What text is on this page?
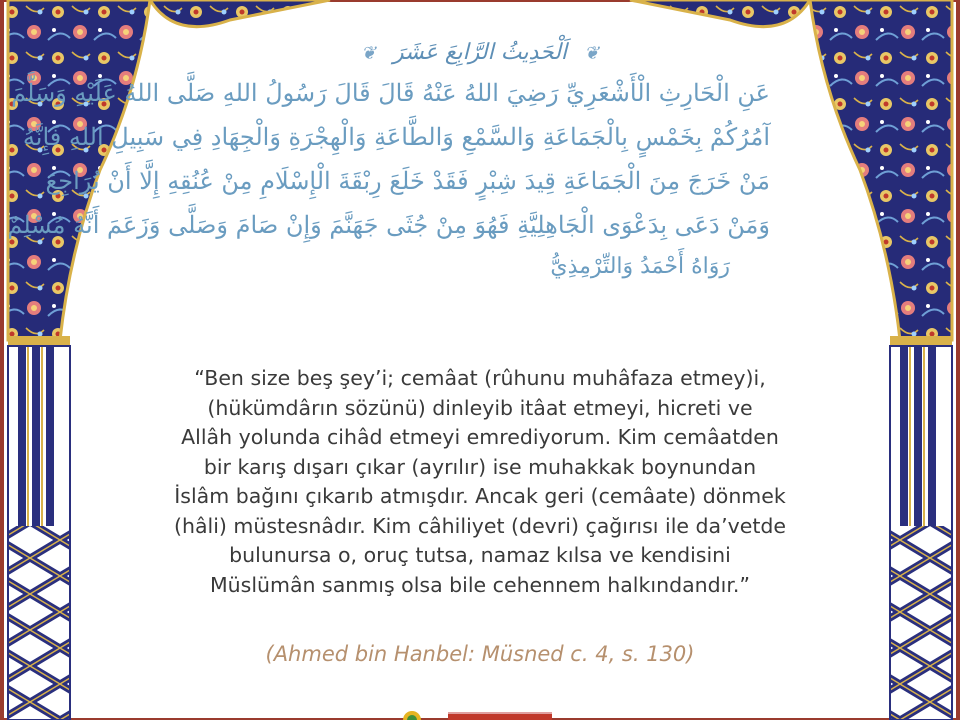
❦ اَلْحَدِيثُ الرَّابِعَ عَشَرَ ❦
عَنِ الْحَارِثِ الْأَشْعَرِيِّ رَضِيَ اللهُ عَنْهُ قَالَ قَالَ رَسُولُ اللهِ صَلَّى اللهُ عَلَيْهِ وَسَلَّمَ
آمُرُكُمْ بِخَمْسٍ بِالْجَمَاعَةِ وَالسَّمْعِ وَالطَّاعَةِ وَالْهِجْرَةِ وَالْجِهَادِ فِي سَبِيلِ اللهِ فَإِنَّهُ
مَنْ خَرَجَ مِنَ الْجَمَاعَةِ قِيدَ شِبْرٍ فَقَدْ خَلَعَ رِبْقَةَ الْإِسْلَامِ مِنْ عُنُقِهِ إِلَّا أَنْ يُرَاجِعَ
وَمَنْ دَعَى بِدَعْوَى الْجَاهِلِيَّةِ فَهُوَ مِنْ جُثَى جَهَنَّمَ وَإِنْ صَامَ وَصَلَّى وَزَعَمَ أَنَّهُ مُسْلِمٌ
رَوَاهُ أَحْمَدُ وَالتِّرْمِذِيُّ
“Ben size beş şey’i; cemâat (rûhunu muhâfaza etmey)i,
(hükümdârın sözünü) dinleyib itâat etmeyi, hicreti ve
Allâh yolunda cihâd etmeyi emrediyorum. Kim cemâatden
bir karış dışarı çıkar (ayrılır) ise muhakkak boynundan
İslâm bağını çıkarıb atmışdır. Ancak geri (cemâate) dönmek
(hâli) müstesnâdır. Kim câhiliyet (devri) çağırısı ile da’vetde
bulunursa o, oruç tutsa, namaz kılsa ve kendisini
Müslümân sanmış olsa bile cehennem halkındandır.”
(Ahmed bin Hanbel: Müsned c. 4, s. 130)
